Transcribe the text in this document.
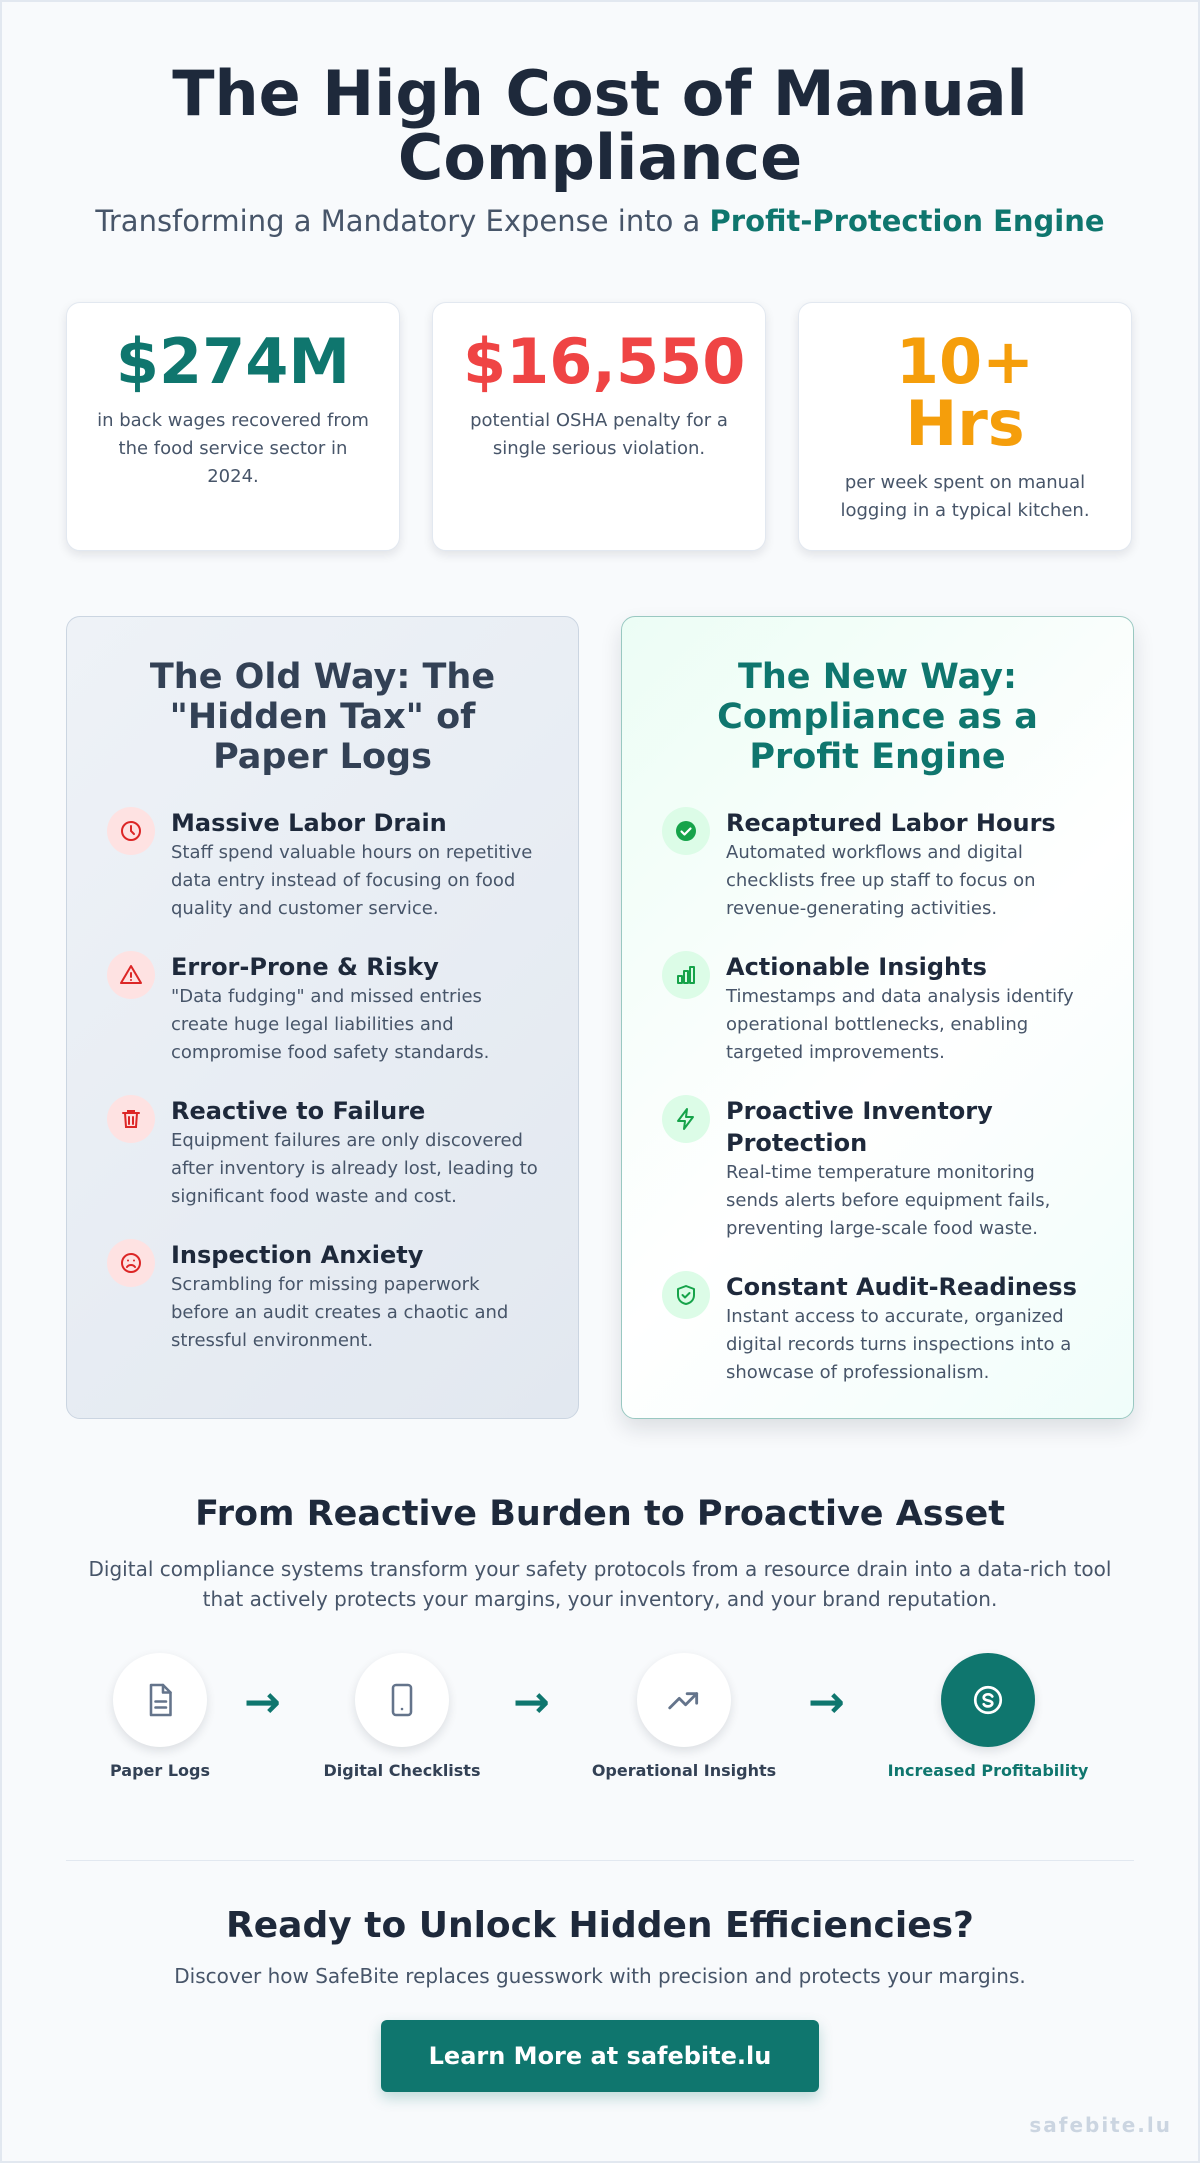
The High Cost of Manual Compliance

Transforming a Mandatory Expense into a Profit-Protection Engine

$274M
in back wages recovered from the food service sector in 2024.
$16,550
potential OSHA penalty for a single serious violation.
10+ Hrs
per week spent on manual logging in a typical kitchen.
The Old Way: The "Hidden Tax" of Paper Logs
Massive Labor Drain
Staff spend valuable hours on repetitive data entry instead of focusing on food quality and customer service.
Error-Prone & Risky
"Data fudging" and missed entries create huge legal liabilities and compromise food safety standards.
Reactive to Failure
Equipment failures are only discovered after inventory is already lost, leading to significant food waste and cost.
Inspection Anxiety
Scrambling for missing paperwork before an audit creates a chaotic and stressful environment.
The New Way: Compliance as a Profit Engine
Recaptured Labor Hours
Automated workflows and digital checklists free up staff to focus on revenue-generating activities.
Actionable Insights
Timestamps and data analysis identify operational bottlenecks, enabling targeted improvements.
Proactive Inventory Protection
Real-time temperature monitoring sends alerts before equipment fails, preventing large-scale food waste.
Constant Audit-Readiness
Instant access to accurate, organized digital records turns inspections into a showcase of professionalism.
From Reactive Burden to Proactive Asset

Digital compliance systems transform your safety protocols from a resource drain into a data-rich tool that actively protects your margins, your inventory, and your brand reputation.

Paper Logs
→
Digital Checklists
→
Operational Insights
→
Increased Profitability
Ready to Unlock Hidden Efficiencies?

Discover how SafeBite replaces guesswork with precision and protects your margins.

Learn More at safebite.lu
safebite.lu
